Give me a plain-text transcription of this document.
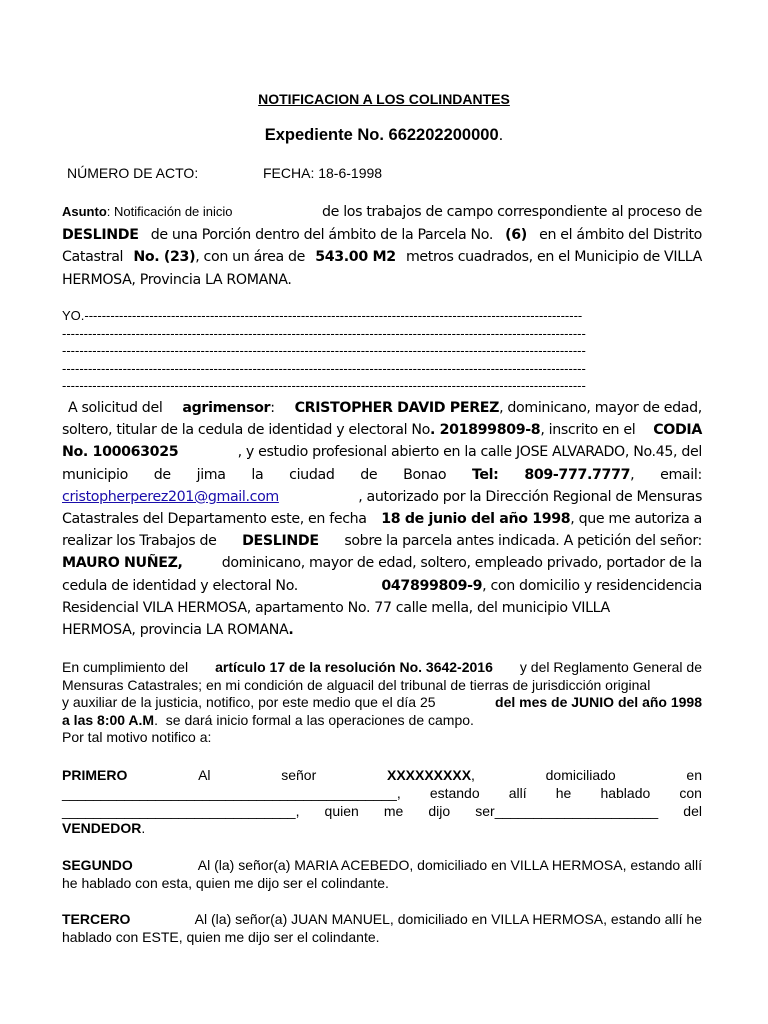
NOTIFICACION A LOS COLINDANTES
Expediente No. 662202200000.
NÚMERO DE ACTO:	FECHA: 18-6-1998
Asunto: Notificación de inicio	de los trabajos de campo correspondiente al proceso de
DESLINDE de una Porción dentro del ámbito de la Parcela No. (6) en el ámbito del Distrito
Catastral No. (23), con un área de 543.00 M2 metros cuadrados, en el Municipio de VILLA
HERMOSA, Provincia LA ROMANA.
YO.-------------------------------------------------------------------------------------------------------------------
-------------------------------------------------------------------------------------------------------------------------
-------------------------------------------------------------------------------------------------------------------------
-------------------------------------------------------------------------------------------------------------------------
-------------------------------------------------------------------------------------------------------------------------
A solicitud del agrimensor: CRISTOPHER DAVID PEREZ, dominicano, mayor de edad,
soltero, titular de la cedula de identidad y electoral No. 201899809-8, inscrito en el CODIA
No. 100063025	, y estudio profesional abierto en la calle JOSE ALVARADO, No.45, del
municipio de jima la ciudad de Bonao Tel: 809-777.7777, email:
cristopherperez201@gmail.com	, autorizado por la Dirección Regional de Mensuras
Catastrales del Departamento este, en fecha 18 de junio del año 1998, que me autoriza a
realizar los Trabajos de DESLINDE sobre la parcela antes indicada. A petición del señor:
MAURO NUÑEZ,	dominicano, mayor de edad, soltero, empleado privado, portador de la
cedula de identidad y electoral No.	047899809-9, con domicilio y residencidencia
Residencial VILA HERMOSA, apartamento No. 77 calle mella, del municipio VILLA
HERMOSA, provincia LA ROMANA .
En cumplimiento del artículo 17 de la resolución No. 3642-2016 y del Reglamento General de
Mensuras Catastrales; en mi condición de alguacil del tribunal de tierras de jurisdicción original
y auxiliar de la justicia, notifico, por este medio que el día 25	del mes de JUNIO del año 1998
a las 8:00 A.M .  se dará inicio formal a las operaciones de campo.
Por tal motivo notifico a:
PRIMERO	Al	señor	XXXXXXXXX,	domiciliado	en
___________________________________________, estando allí he hablado con
______________________________, quien me dijo ser_____________________ del
VENDEDOR .
SEGUNDO	Al (la) señor(a) MARIA ACEBEDO, domiciliado en VILLA HERMOSA, estando allí
he hablado con esta, quien me dijo ser el colindante.
TERCERO	Al (la) señor(a) JUAN MANUEL, domiciliado en VILLA HERMOSA, estando allí he
hablado con ESTE, quien me dijo ser el colindante.
